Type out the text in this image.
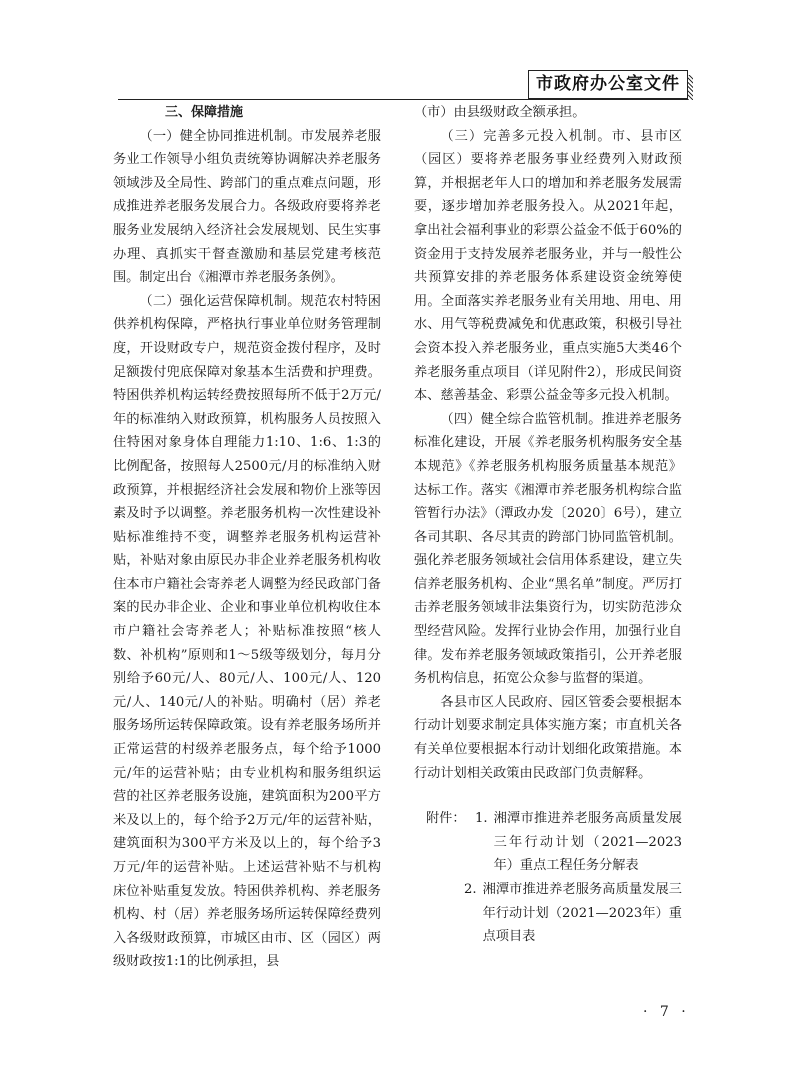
市政府办公室文件

三、保障措施

（一）健全协同推进机制。市发展养老服务业工作领导小组负责统筹协调解决养老服务领域涉及全局性、跨部门的重点难点问题，形成推进养老服务发展合力。各级政府要将养老服务业发展纳入经济社会发展规划、民生实事办理、真抓实干督查激励和基层党建考核范围。制定出台《湘潭市养老服务条例》。

（二）强化运营保障机制。规范农村特困供养机构保障，严格执行事业单位财务管理制度，开设财政专户，规范资金拨付程序，及时足额拨付兜底保障对象基本生活费和护理费。特困供养机构运转经费按照每所不低于2万元/年的标准纳入财政预算，机构服务人员按照入住特困对象身体自理能力1:10、1:6、1:3的比例配备，按照每人2500元/月的标准纳入财政预算，并根据经济社会发展和物价上涨等因素及时予以调整。养老服务机构一次性建设补贴标准维持不变，调整养老服务机构运营补贴，补贴对象由原民办非企业养老服务机构收住本市户籍社会寄养老人调整为经民政部门备案的民办非企业、企业和事业单位机构收住本市户籍社会寄养老人；补贴标准按照“核人数、补机构”原则和1～5级等级划分，每月分别给予60元/人、80元/人、100元/人、120元/人、140元/人的补贴。明确村（居）养老服务场所运转保障政策。设有养老服务场所并正常运营的村级养老服务点，每个给予1000元/年的运营补贴；由专业机构和服务组织运营的社区养老服务设施，建筑面积为200平方米及以上的，每个给予2万元/年的运营补贴，建筑面积为300平方米及以上的，每个给予3万元/年的运营补贴。上述运营补贴不与机构床位补贴重复发放。特困供养机构、养老服务机构、村（居）养老服务场所运转保障经费列入各级财政预算，市城区由市、区（园区）两级财政按1:1的比例承担，县

（市）由县级财政全额承担。

（三）完善多元投入机制。市、县市区（园区）要将养老服务事业经费列入财政预算，并根据老年人口的增加和养老服务发展需要，逐步增加养老服务投入。从2021年起，拿出社会福利事业的彩票公益金不低于60%的资金用于支持发展养老服务业，并与一般性公共预算安排的养老服务体系建设资金统筹使用。全面落实养老服务业有关用地、用电、用水、用气等税费减免和优惠政策，积极引导社会资本投入养老服务业，重点实施5大类46个养老服务重点项目（详见附件2），形成民间资本、慈善基金、彩票公益金等多元投入机制。

（四）健全综合监管机制。推进养老服务标准化建设，开展《养老服务机构服务安全基本规范》《养老服务机构服务质量基本规范》达标工作。落实《湘潭市养老服务机构综合监管暂行办法》（潭政办发〔2020〕6号），建立各司其职、各尽其责的跨部门协同监管机制。强化养老服务领域社会信用体系建设，建立失信养老服务机构、企业“黑名单”制度。严厉打击养老服务领域非法集资行为，切实防范涉众型经营风险。发挥行业协会作用，加强行业自律。发布养老服务领域政策指引，公开养老服务机构信息，拓宽公众参与监督的渠道。

各县市区人民政府、园区管委会要根据本行动计划要求制定具体实施方案；市直机关各有关单位要根据本行动计划细化政策措施。本行动计划相关政策由民政部门负责解释。

附件： 1. 湘潭市推进养老服务高质量发展三年行动计划（2021—2023年）重点工程任务分解表
2. 湘潭市推进养老服务高质量发展三年行动计划（2021—2023年）重点项目表
· 7 ·
